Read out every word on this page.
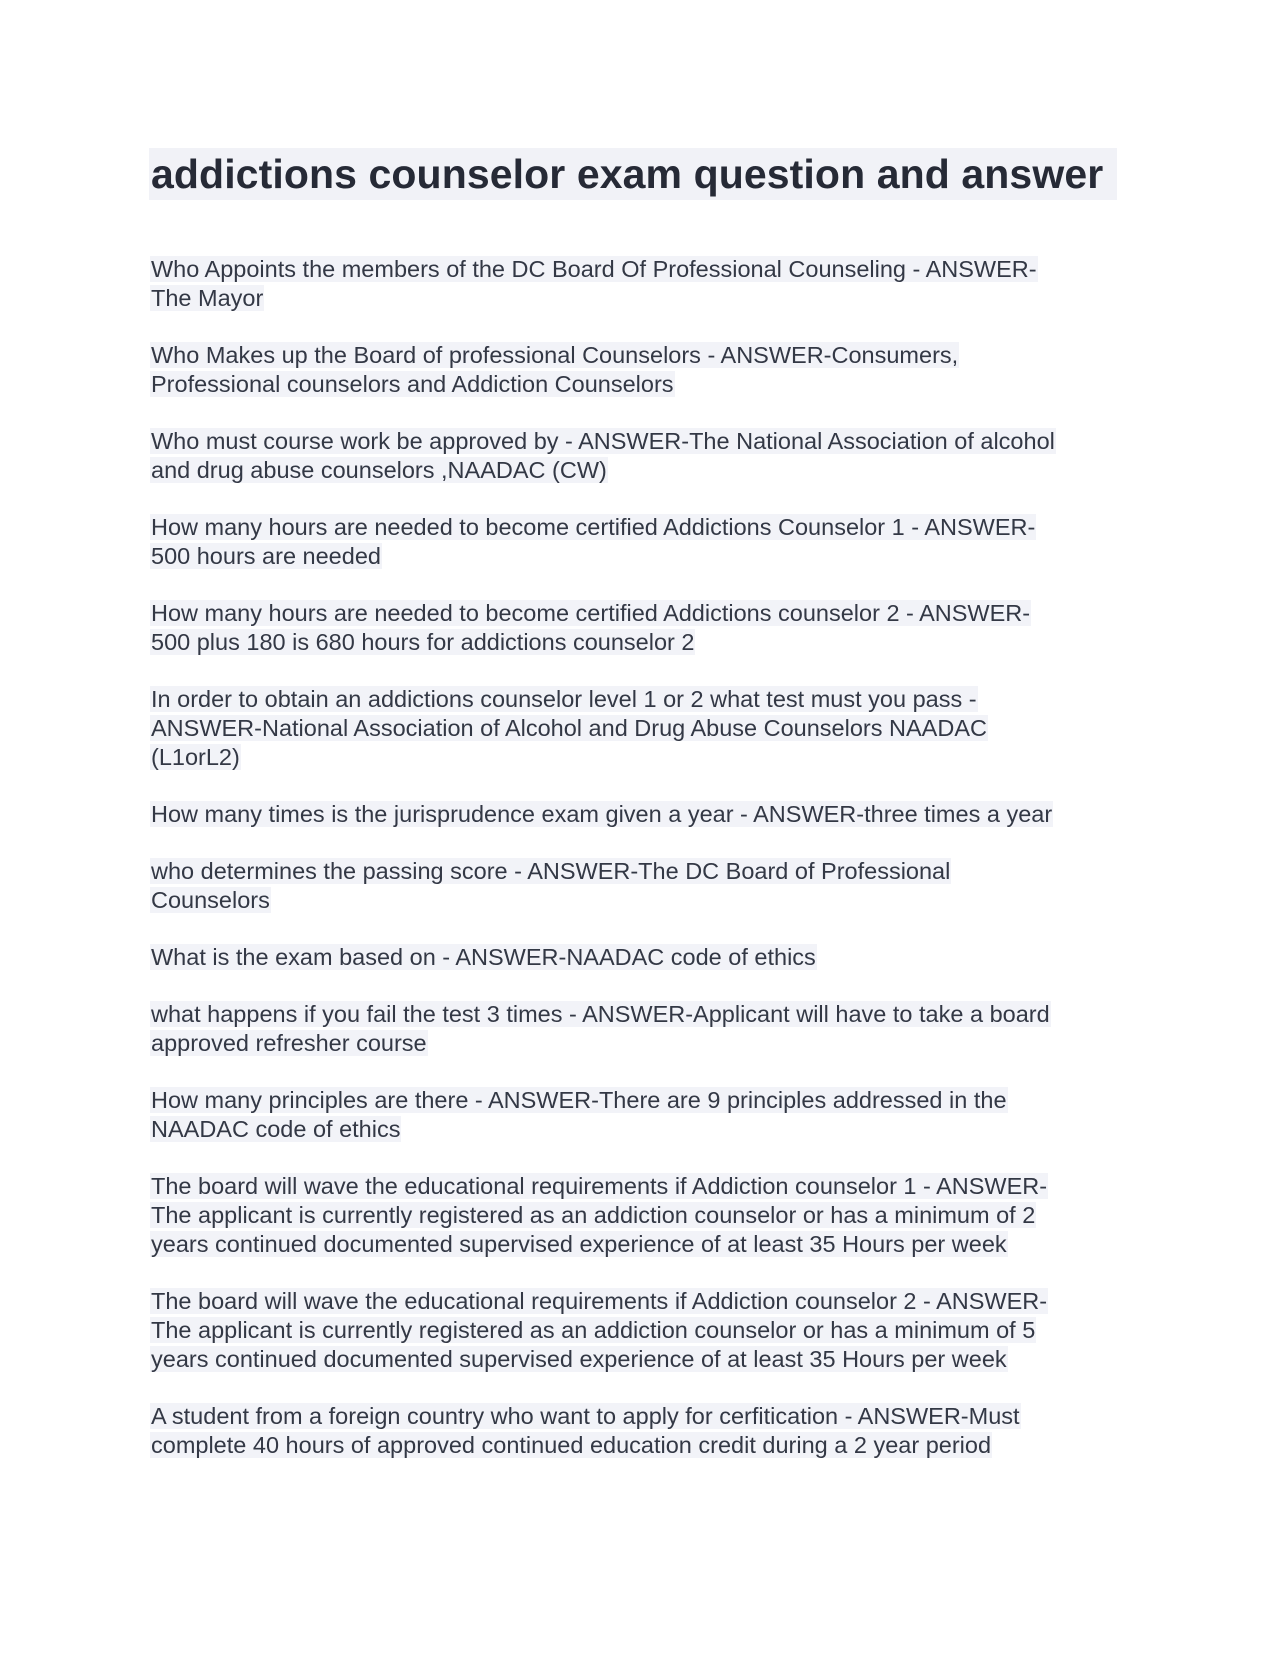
addictions counselor exam question and answer
Who Appoints the members of the DC Board Of Professional Counseling - ANSWER-
The Mayor
Who Makes up the Board of professional Counselors - ANSWER-Consumers,
Professional counselors and Addiction Counselors
Who must course work be approved by - ANSWER-The National Association of alcohol
and drug abuse counselors ,NAADAC (CW)
How many hours are needed to become certified Addictions Counselor 1 - ANSWER-
500 hours are needed
How many hours are needed to become certified Addictions counselor 2 - ANSWER-
500 plus 180 is 680 hours for addictions counselor 2
In order to obtain an addictions counselor level 1 or 2 what test must you pass -
ANSWER-National Association of Alcohol and Drug Abuse Counselors NAADAC
(L1orL2)
How many times is the jurisprudence exam given a year - ANSWER-three times a year
who determines the passing score - ANSWER-The DC Board of Professional
Counselors
What is the exam based on - ANSWER-NAADAC code of ethics
what happens if you fail the test 3 times - ANSWER-Applicant will have to take a board
approved refresher course
How many principles are there - ANSWER-There are 9 principles addressed in the
NAADAC code of ethics
The board will wave the educational requirements if Addiction counselor 1 - ANSWER-
The applicant is currently registered as an addiction counselor or has a minimum of 2
years continued documented supervised experience of at least 35 Hours per week
The board will wave the educational requirements if Addiction counselor 2 - ANSWER-
The applicant is currently registered as an addiction counselor or has a minimum of 5
years continued documented supervised experience of at least 35 Hours per week
A student from a foreign country who want to apply for cerfitication - ANSWER-Must
complete 40 hours of approved continued education credit during a 2 year period
